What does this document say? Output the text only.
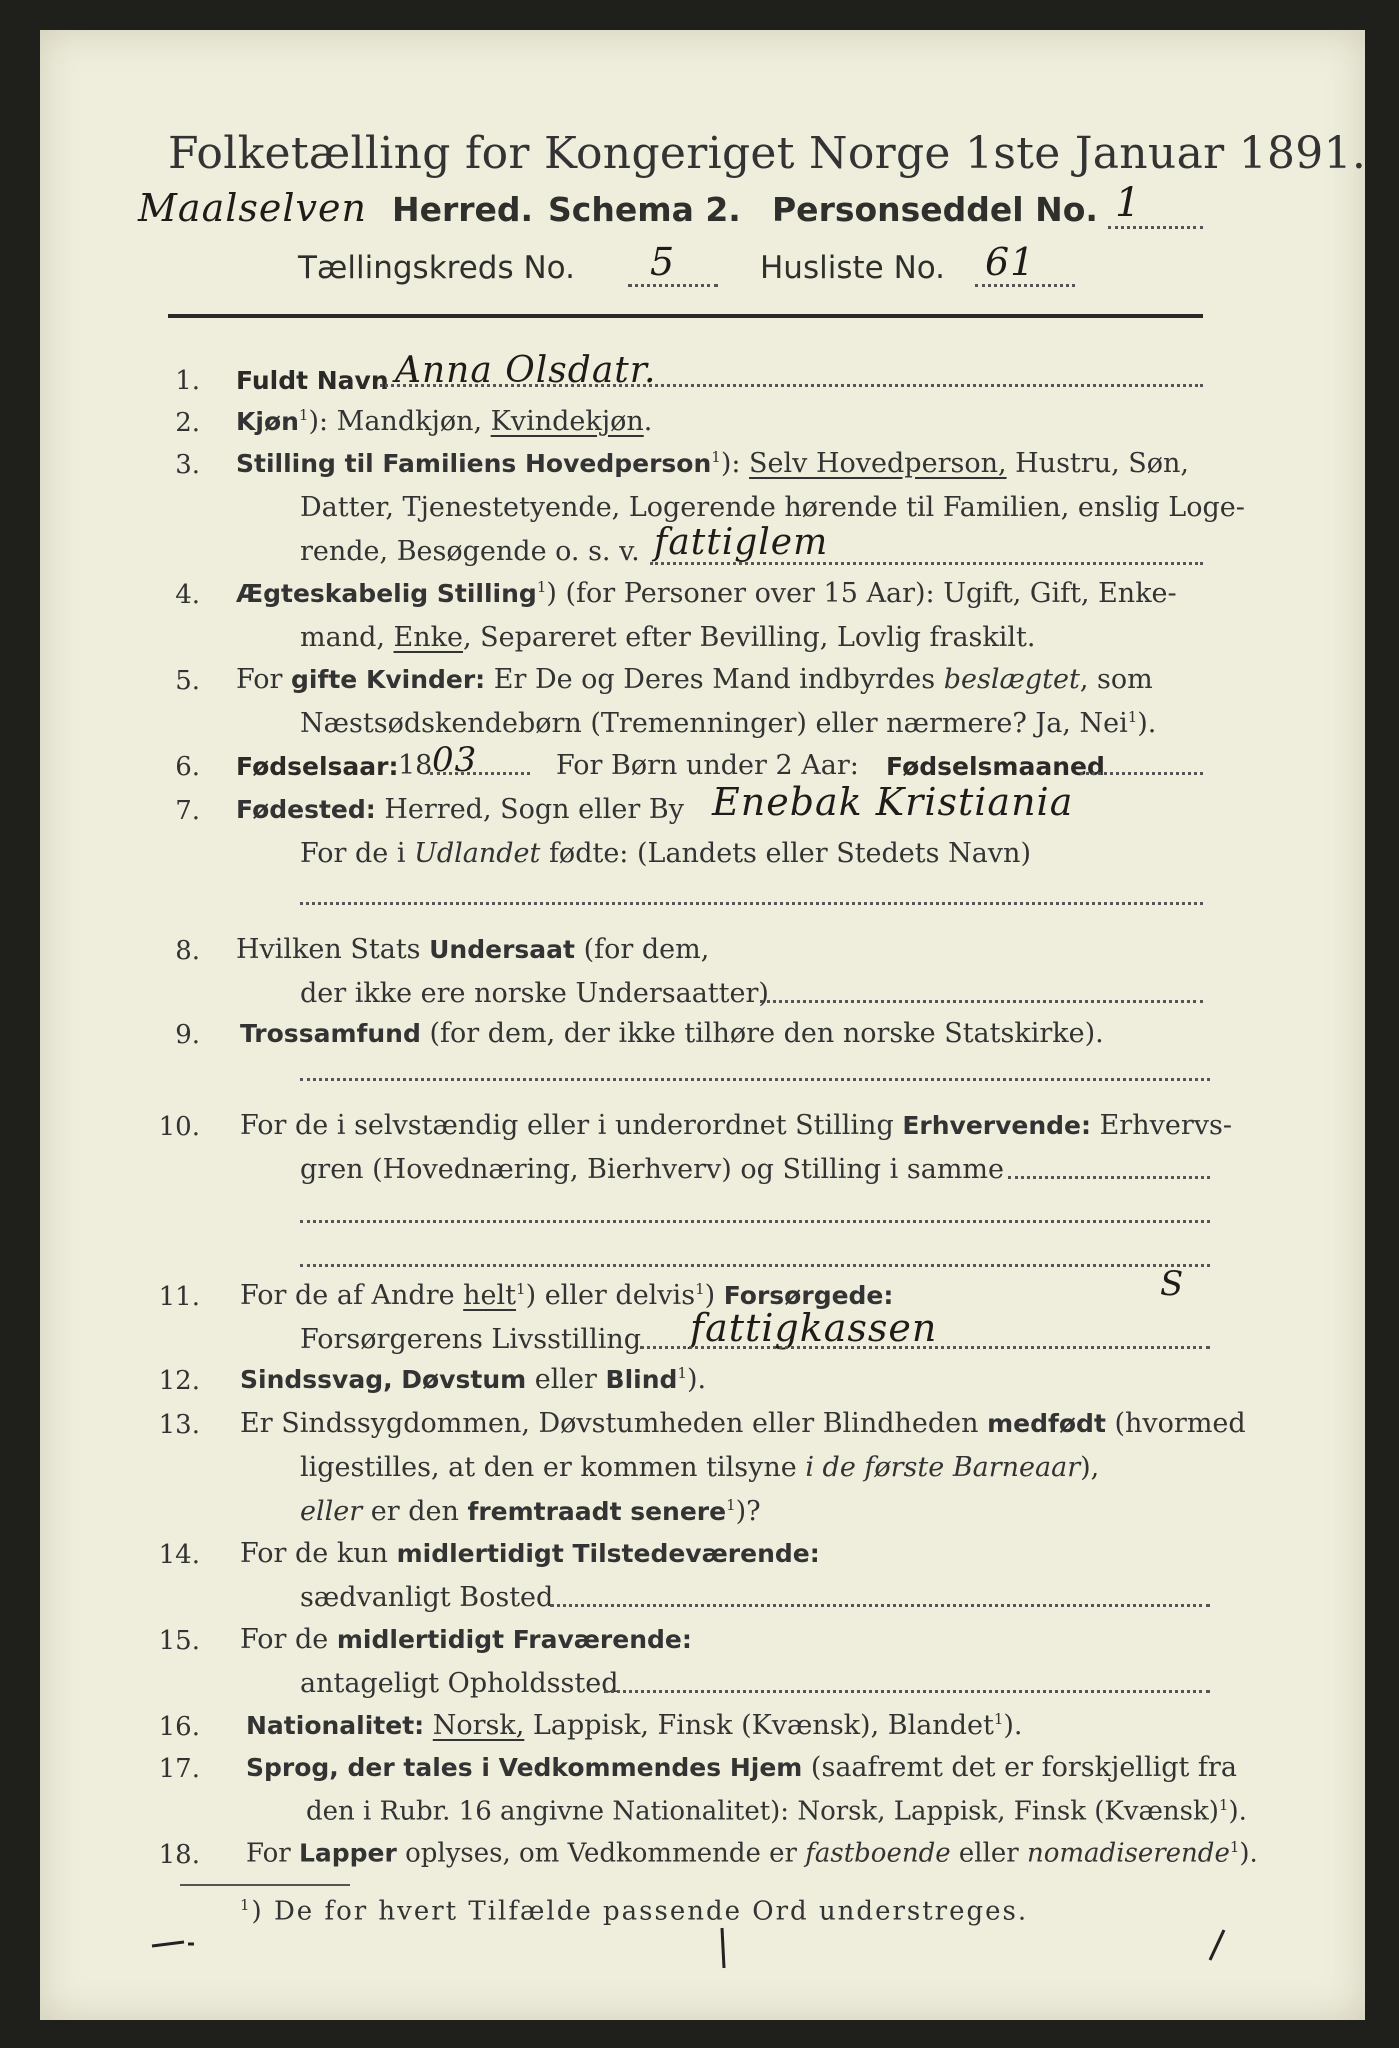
Folketælling for Kongeriget Norge 1ste Januar 1891.
Maalselven Herred. Schema 2. Personseddel No. 1
Tællingskreds No. 5	Husliste No. 61
1. Fuldt Navn Anna Olsdatr.
2. Kjøn$^1$): Mandkjøn, Kvindekjøn.
3. Stilling til Familiens Hovedperson$^1$): Selv Hovedperson, Hustru, Søn,
Datter, Tjenestetyende, Logerende hørende til Familien, enslig Loge-
rende, Besøgende o. s. v. fattiglem
4. Ægteskabelig Stilling$^1$) (for Personer over 15 Aar): Ugift, Gift, Enke-
mand, Enke, Separeret efter Bevilling, Lovlig fraskilt.
5. For gifte Kvinder: Er De og Deres Mand indbyrdes beslægtet, som
Næstsødskendebørn (Tremenninger) eller nærmere? Ja, Nei$^1$).
6. Fødselsaar: 18 03	For Børn under 2 Aar: Fødselsmaaned
7. Fødested: Herred, Sogn eller By Enebak Kristiania
For de i Udlandet fødte: (Landets eller Stedets Navn)
8. Hvilken Stats Undersaat (for dem,
der ikke ere norske Undersaatter)
9. Trossamfund (for dem, der ikke tilhøre den norske Statskirke).
10. For de i selvstændig eller i underordnet Stilling Erhvervende: Erhvervs-
gren (Hovednæring, Bierhverv) og Stilling i samme
11. For de af Andre helt$^1$) eller delvis$^1$) Forsørgede:	S
Forsørgerens Livsstilling fattigkassen
12. Sindssvag, Døvstum eller Blind$^1$).
13. Er Sindssygdommen, Døvstumheden eller Blindheden medfødt (hvormed
ligestilles, at den er kommen tilsyne i de første Barneaar),
eller er den fremtraadt senere$^1$)?
14. For de kun midlertidigt Tilstedeværende:
sædvanligt Bosted
15. For de midlertidigt Fraværende:
antageligt Opholdssted
16. Nationalitet: Norsk, Lappisk, Finsk (Kvænsk), Blandet$^1$).
17. Sprog, der tales i Vedkommendes Hjem (saafremt det er forskjelligt fra
den i Rubr. 16 angivne Nationalitet): Norsk, Lappisk, Finsk (Kvænsk)$^1$).
18. For Lapper oplyses, om Vedkommende er fastboende eller nomadiserende$^1$).
$^1$) De for hvert Tilfælde passende Ord understreges.
